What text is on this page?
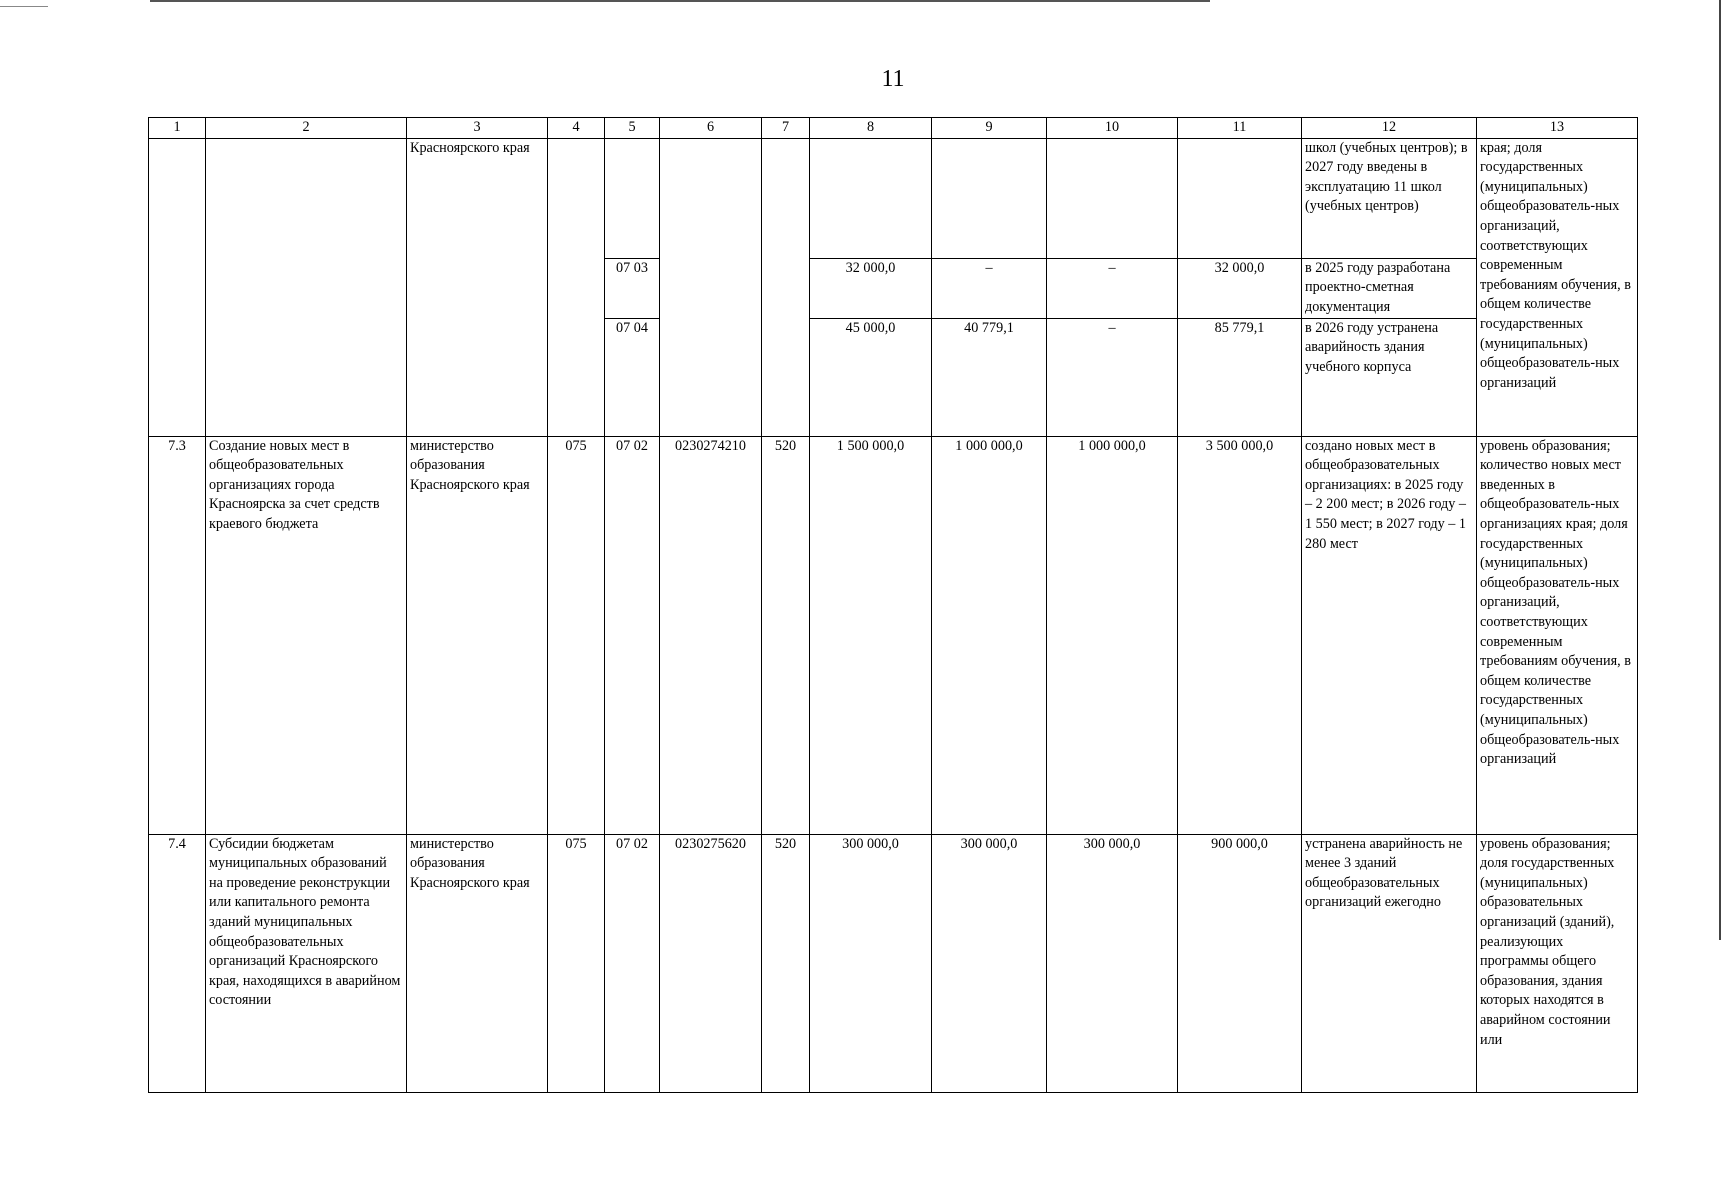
11
1	2	3	4	5	6	7	8	9	10	11	12	13
		Красноярского края									школ (учебных центров); в 2027 году введены в эксплуатацию 11 школ (учебных центров)	края; доля государственных (муниципальных) общеобразователь-ных организаций, соответствующих современным требованиям обучения, в общем количестве государственных (муниципальных) общеобразователь-ных организаций
				07 03			32 000,0	–	–	32 000,0	в 2025 году разработана проектно-сметная документация	
				07 04			45 000,0	40 779,1	–	85 779,1	в 2026 году устранена аварийность здания учебного корпуса	
7.3	Создание новых мест в общеобразовательных организациях города Красноярска за счет средств краевого бюджета	министерство образования Красноярского края	075	07 02	0230274210	520	1 500 000,0	1 000 000,0	1 000 000,0	3 500 000,0	создано новых мест в общеобразовательных организациях: в 2025 году – 2 200 мест; в 2026 году – 1 550 мест; в 2027 году – 1 280 мест	уровень образования; количество новых мест введенных в общеобразователь-ных организациях края; доля государственных (муниципальных) общеобразователь-ных организаций, соответствующих современным требованиям обучения, в общем количестве государственных (муниципальных) общеобразователь-ных организаций
7.4	Субсидии бюджетам муниципальных образований на проведение реконструкции или капитального ремонта зданий муниципальных общеобразовательных организаций Красноярского края, находящихся в аварийном состоянии	министерство образования Красноярского края	075	07 02	0230275620	520	300 000,0	300 000,0	300 000,0	900 000,0	устранена аварийность не менее 3 зданий общеобразовательных организаций ежегодно	уровень образования; доля государственных (муниципальных) образовательных организаций (зданий), реализующих программы общего образования, здания которых находятся в аварийном состоянии или
